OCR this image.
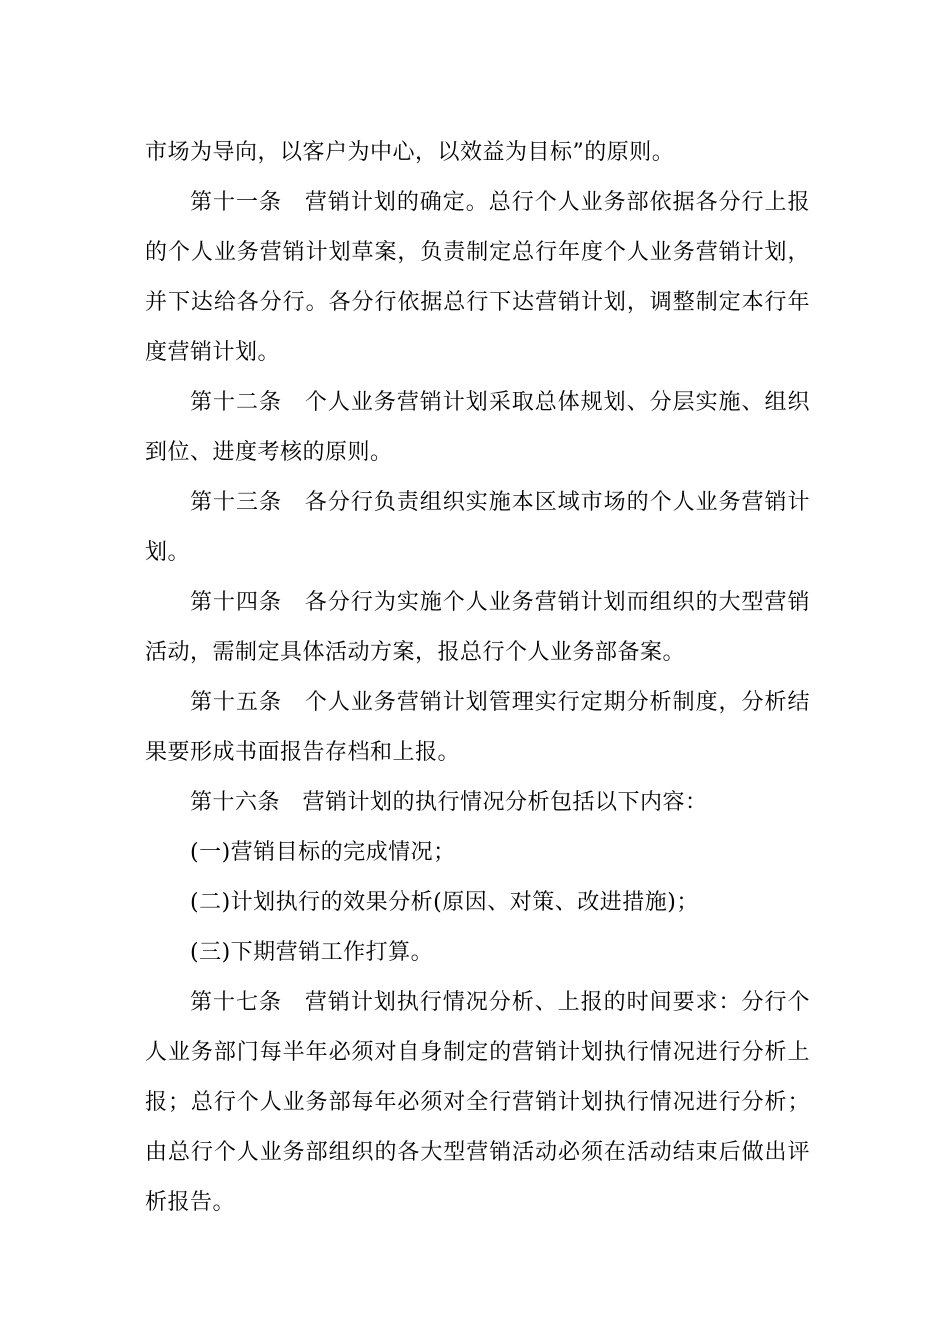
市场为导向，以客户为中心，以效益为目标”的原则。

第十一条　营销计划的确定。总行个人业务部依据各分行上报的个人业务营销计划草案，负责制定总行年度个人业务营销计划，并下达给各分行。各分行依据总行下达营销计划，调整制定本行年度营销计划。

第十二条　个人业务营销计划采取总体规划、分层实施、组织到位、进度考核的原则。

第十三条　各分行负责组织实施本区域市场的个人业务营销计划。

第十四条　各分行为实施个人业务营销计划而组织的大型营销活动，需制定具体活动方案，报总行个人业务部备案。

第十五条　个人业务营销计划管理实行定期分析制度，分析结果要形成书面报告存档和上报。

第十六条　营销计划的执行情况分析包括以下内容：

(一)营销目标的完成情况；

(二)计划执行的效果分析(原因、对策、改进措施)；

(三)下期营销工作打算。

第十七条　营销计划执行情况分析、上报的时间要求：分行个人业务部门每半年必须对自身制定的营销计划执行情况进行分析上报；总行个人业务部每年必须对全行营销计划执行情况进行分析；由总行个人业务部组织的各大型营销活动必须在活动结束后做出评析报告。
